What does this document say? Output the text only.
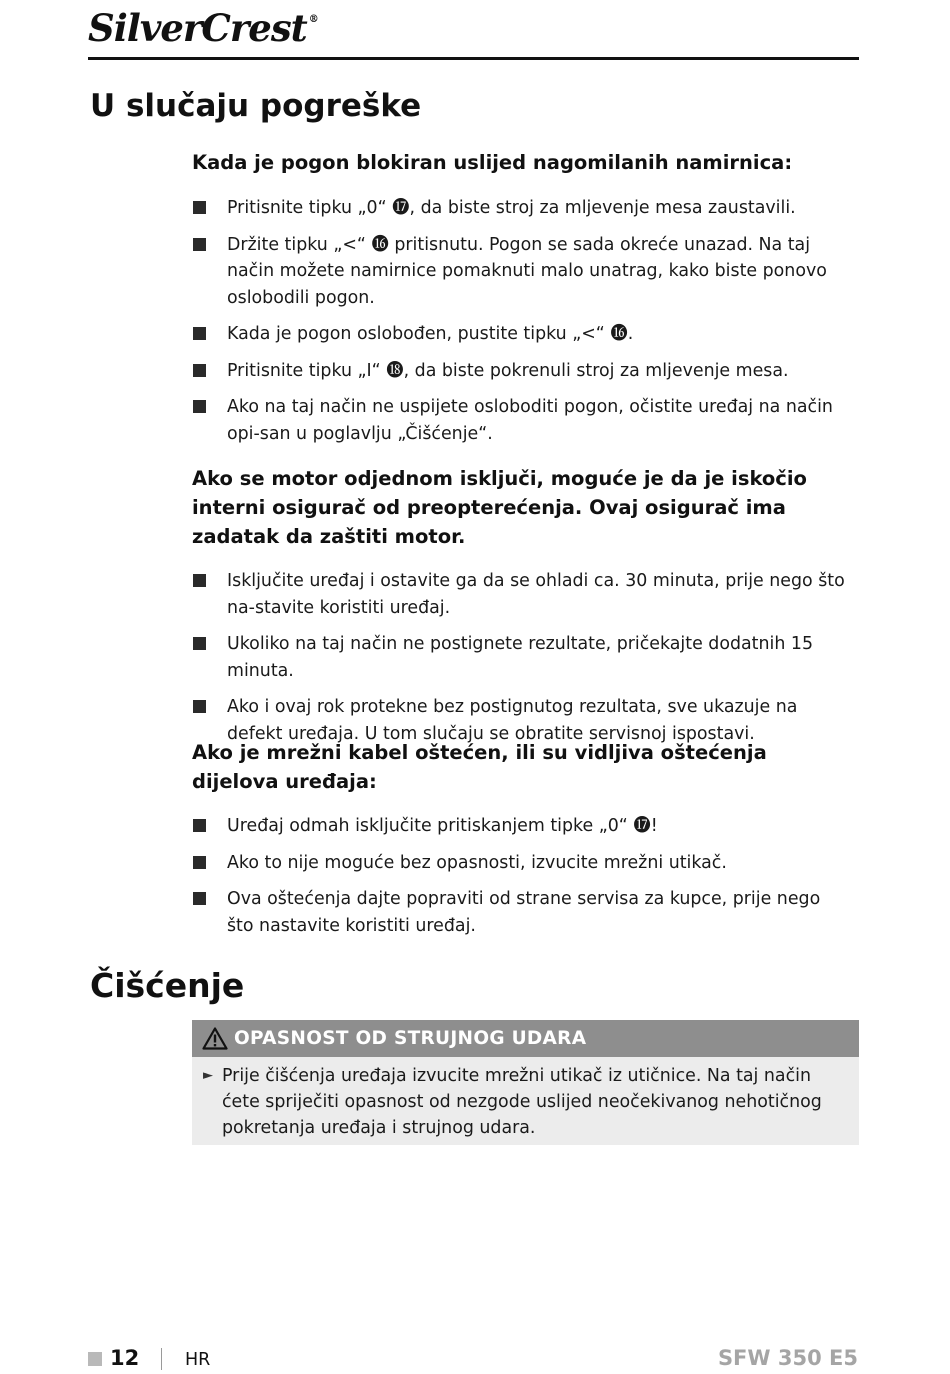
SilverCrest ®
U slučaju pogreške

Kada je pogon blokiran uslijed nagomilanih namirnica:

Pritisnite tipku „0“ ⓱, da biste stroj za mljevenje mesa zaustavili.
Držite tipku „<“ ⓰ pritisnutu. Pogon se sada okreće unazad. Na taj način možete namirnice pomaknuti malo unatrag, kako biste ponovo oslobodili pogon.
Kada je pogon oslobođen, pustite tipku „<“ ⓰.
Pritisnite tipku „I“ ⓲, da biste pokrenuli stroj za mljevenje mesa.
Ako na taj način ne uspijete osloboditi pogon, očistite uređaj na način opi-san u poglavlju „Čišćenje“.

Ako se motor odjednom isključi, moguće je da je iskočio interni osigurač od preopterećenja. Ovaj osigurač ima zadatak da zaštiti motor.

Isključite uređaj i ostavite ga da se ohladi ca. 30 minuta, prije nego što na-stavite koristiti uređaj.
Ukoliko na taj način ne postignete rezultate, pričekajte dodatnih 15 minuta.
Ako i ovaj rok protekne bez postignutog rezultata, sve ukazuje na defekt uređaja. U tom slučaju se obratite servisnoj ispostavi.

Ako je mrežni kabel oštećen, ili su vidljiva oštećenja dijelova uređaja:

Uređaj odmah isključite pritiskanjem tipke „0“ ⓱!
Ako to nije moguće bez opasnosti, izvucite mrežni utikač.
Ova oštećenja dajte popraviti od strane servisa za kupce, prije nego što nastavite koristiti uređaj.
Čišćenje
OPASNOST OD STRUJNOG UDARA
► Prije čišćenja uređaja izvucite mrežni utikač iz utičnice. Na taj način ćete spriječiti opasnost od nezgode uslijed neočekivanog nehotičnog pokretanja uređaja i strujnog udara.
12	HR	SFW 350 E5
